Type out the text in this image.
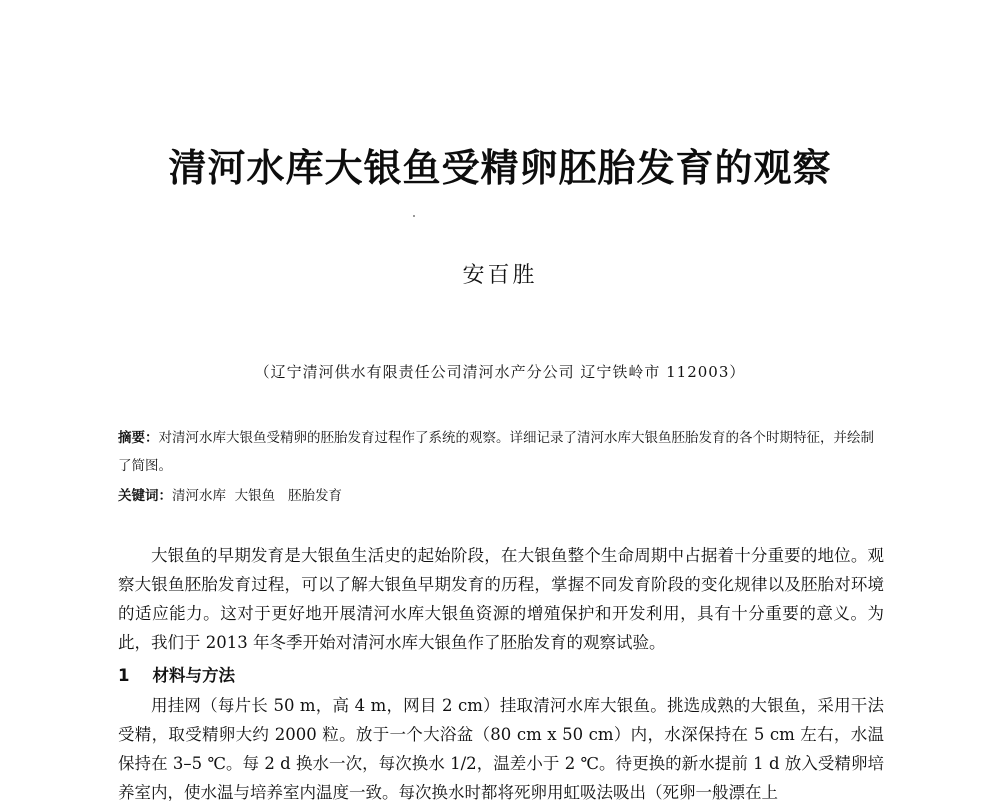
清河水库大银鱼受精卵胚胎发育的观察
安百胜
（辽宁清河供水有限责任公司清河水产分公司 辽宁铁岭市 112003）
摘要：对清河水库大银鱼受精卵的胚胎发育过程作了系统的观察。详细记录了清河水库大银鱼胚胎发育的各个时期特征，并绘制了简图。
关键词：清河水库  大银鱼   胚胎发育

大银鱼的早期发育是大银鱼生活史的起始阶段，在大银鱼整个生命周期中占据着十分重要的地位。观察大银鱼胚胎发育过程，可以了解大银鱼早期发育的历程，掌握不同发育阶段的变化规律以及胚胎对环境的适应能力。这对于更好地开展清河水库大银鱼资源的增殖保护和开发利用，具有十分重要的意义。为此，我们于 2013 年冬季开始对清河水库大银鱼作了胚胎发育的观察试验。

1    材料与方法

用挂网（每片长 50 m，高 4 m，网目 2 cm）挂取清河水库大银鱼。挑选成熟的大银鱼，采用干法受精，取受精卵大约 2000 粒。放于一个大浴盆（80 cm x 50 cm）内，水深保持在 5 cm 左右，水温保持在 3–5 ℃。每 2 d 换水一次，每次换水 1/2，温差小于 2 ℃。待更换的新水提前 1 d 放入受精卵培养室内，使水温与培养室内温度一致。每次换水时都将死卵用虹吸法吸出（死卵一般漂在上
